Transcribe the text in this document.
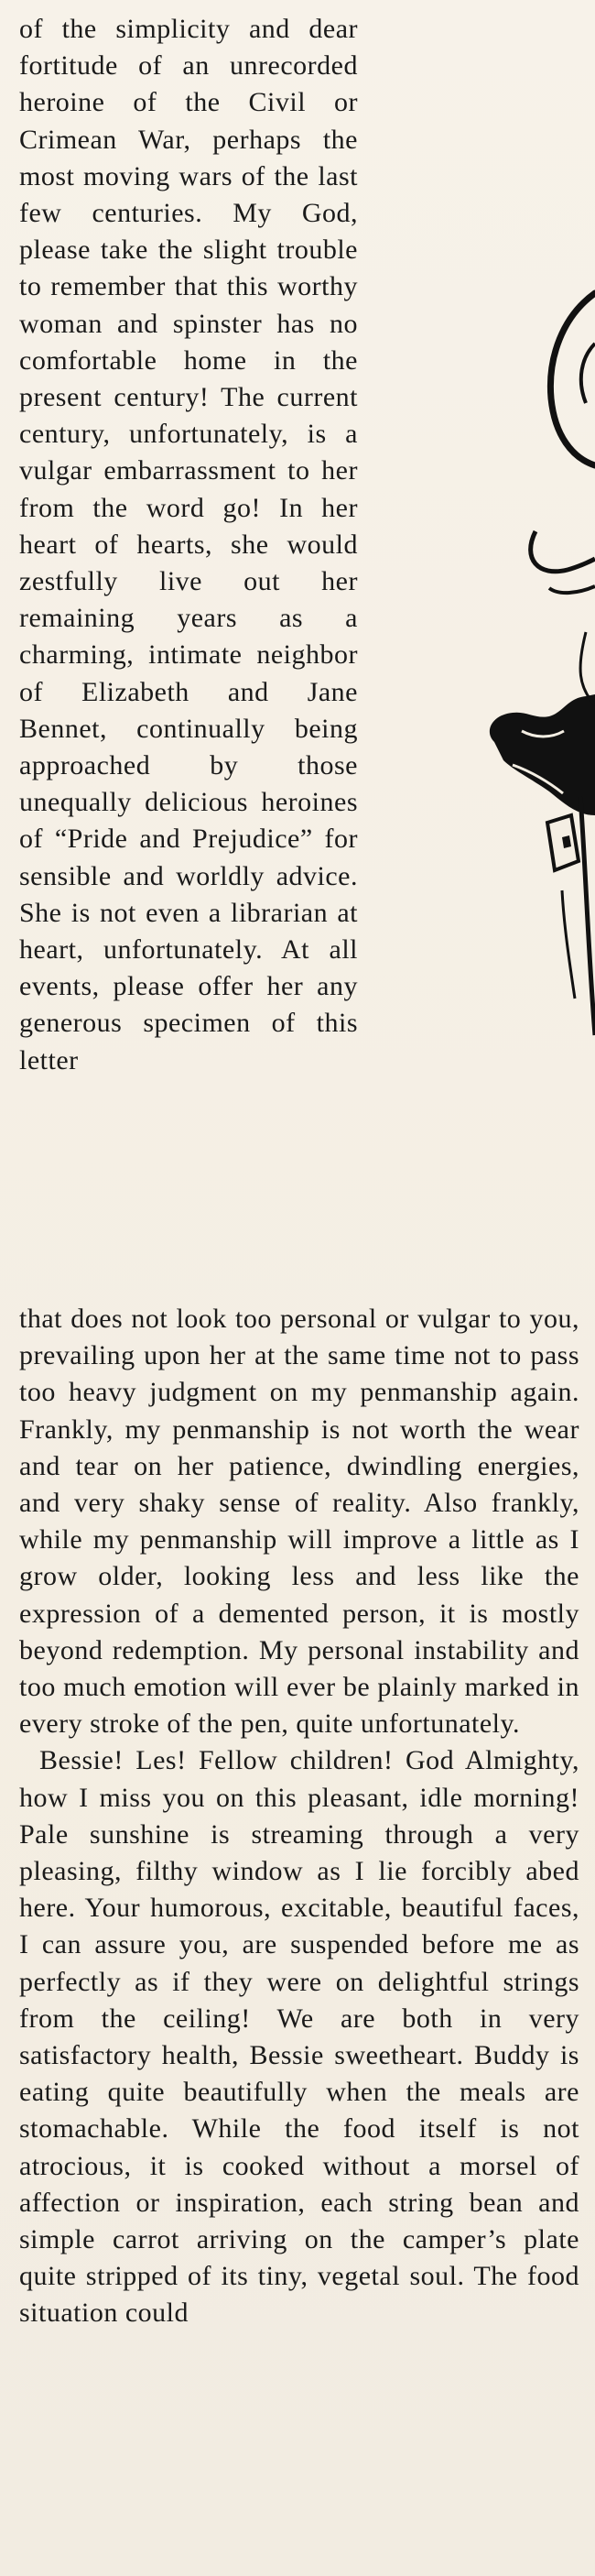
of the simplicity and dear fortitude of an unrecorded heroine of the Civil or Crimean War, perhaps the most moving wars of the last few centuries. My God, please take the slight trouble to remember that this worthy woman and spinster has no comfortable home in the present century! The current century, unfortunately, is a vulgar embarrassment to her from the word go! In her heart of hearts, she would zestfully live out her remaining years as a charming, intimate neighbor of Elizabeth and Jane Bennet, continually being approached by those unequally delicious heroines of “Pride and Prejudice” for sensible and worldly advice. She is not even a librarian at heart, unfortunately. At all events, please offer her any generous specimen of this letter

that does not look too personal or vulgar to you, prevailing upon her at the same time not to pass too heavy judgment on my penmanship again. Frankly, my penmanship is not worth the wear and tear on her patience, dwindling energies, and very shaky sense of reality. Also frankly, while my penmanship will improve a little as I grow older, looking less and less like the expression of a demented person, it is mostly beyond redemption. My personal instability and too much emotion will ever be plainly marked in every stroke of the pen, quite unfortunately.

Bessie! Les! Fellow children! God Almighty, how I miss you on this pleasant, idle morning! Pale sunshine is streaming through a very pleasing, filthy window as I lie forcibly abed here. Your humorous, excitable, beautiful faces, I can assure you, are suspended before me as perfectly as if they were on delightful strings from the ceiling! We are both in very satisfactory health, Bessie sweetheart. Buddy is eating quite beautifully when the meals are stomachable. While the food itself is not atrocious, it is cooked without a morsel of affection or inspiration, each string bean and simple carrot arriving on the camper’s plate quite stripped of its tiny, vegetal soul. The food situation could
